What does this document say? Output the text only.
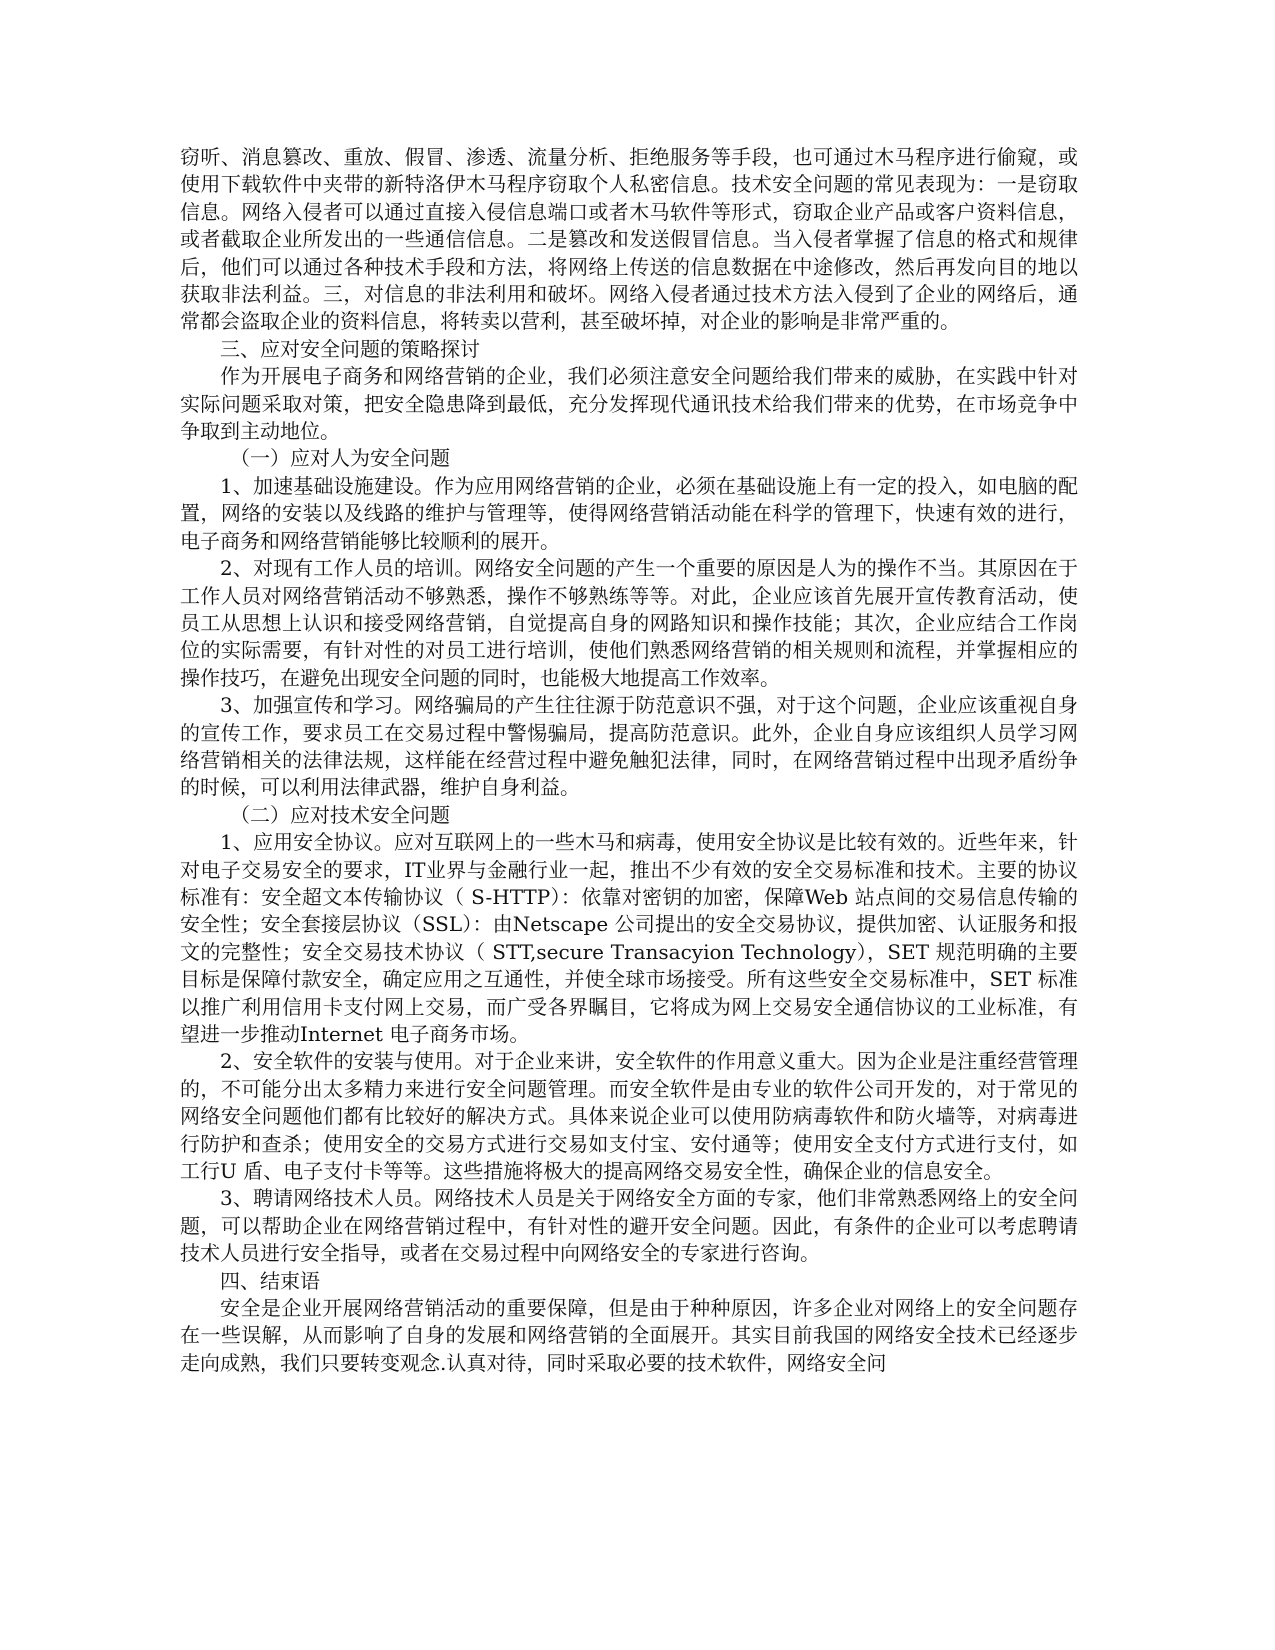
窃听、消息篡改、重放、假冒、渗透、流量分析、拒绝服务等手段，也可通过木马程序进行偷窥，或使用下载软件中夹带的新特洛伊木马程序窃取个人私密信息。技术安全问题的常见表现为：一是窃取信息。网络入侵者可以通过直接入侵信息端口或者木马软件等形式，窃取企业产品或客户资料信息，或者截取企业所发出的一些通信信息。二是篡改和发送假冒信息。当入侵者掌握了信息的格式和规律后，他们可以通过各种技术手段和方法，将网络上传送的信息数据在中途修改，然后再发向目的地以获取非法利益。三，对信息的非法利用和破坏。网络入侵者通过技术方法入侵到了企业的网络后，通常都会盗取企业的资料信息，将转卖以营利，甚至破坏掉，对企业的影响是非常严重的。

三、应对安全问题的策略探讨

作为开展电子商务和网络营销的企业，我们必须注意安全问题给我们带来的威胁，在实践中针对实际问题采取对策，把安全隐患降到最低，充分发挥现代通讯技术给我们带来的优势，在市场竞争中争取到主动地位。

（一）应对人为安全问题

1、加速基础设施建设。作为应用网络营销的企业，必须在基础设施上有一定的投入，如电脑的配置，网络的安装以及线路的维护与管理等，使得网络营销活动能在科学的管理下，快速有效的进行，电子商务和网络营销能够比较顺利的展开。

2、对现有工作人员的培训。网络安全问题的产生一个重要的原因是人为的操作不当。其原因在于工作人员对网络营销活动不够熟悉，操作不够熟练等等。对此，企业应该首先展开宣传教育活动，使员工从思想上认识和接受网络营销，自觉提高自身的网路知识和操作技能；其次，企业应结合工作岗位的实际需要，有针对性的对员工进行培训，使他们熟悉网络营销的相关规则和流程，并掌握相应的操作技巧，在避免出现安全问题的同时，也能极大地提高工作效率。

3、加强宣传和学习。网络骗局的产生往往源于防范意识不强，对于这个问题，企业应该重视自身的宣传工作，要求员工在交易过程中警惕骗局，提高防范意识。此外，企业自身应该组织人员学习网络营销相关的法律法规，这样能在经营过程中避免触犯法律，同时，在网络营销过程中出现矛盾纷争的时候，可以利用法律武器，维护自身利益。

（二）应对技术安全问题

1、应用安全协议。应对互联网上的一些木马和病毒，使用安全协议是比较有效的。近些年来，针对电子交易安全的要求，IT业界与金融行业一起，推出不少有效的安全交易标准和技术。主要的协议标准有：安全超文本传输协议（ S-HTTP）：依靠对密钥的加密，保障Web 站点间的交易信息传输的安全性；安全套接层协议（SSL）：由Netscape 公司提出的安全交易协议，提供加密、认证服务和报文的完整性；安全交易技术协议（ STT,secure Transacyion Technology），SET 规范明确的主要目标是保障付款安全，确定应用之互通性，并使全球市场接受。所有这些安全交易标准中，SET 标准以推广利用信用卡支付网上交易，而广受各界瞩目，它将成为网上交易安全通信协议的工业标准，有望进一步推动Internet 电子商务市场。

2、安全软件的安装与使用。对于企业来讲，安全软件的作用意义重大。因为企业是注重经营管理的，不可能分出太多精力来进行安全问题管理。而安全软件是由专业的软件公司开发的，对于常见的网络安全问题他们都有比较好的解决方式。具体来说企业可以使用防病毒软件和防火墙等，对病毒进行防护和查杀；使用安全的交易方式进行交易如支付宝、安付通等；使用安全支付方式进行支付，如工行U 盾、电子支付卡等等。这些措施将极大的提高网络交易安全性，确保企业的信息安全。

3、聘请网络技术人员。网络技术人员是关于网络安全方面的专家，他们非常熟悉网络上的安全问题，可以帮助企业在网络营销过程中，有针对性的避开安全问题。因此，有条件的企业可以考虑聘请技术人员进行安全指导，或者在交易过程中向网络安全的专家进行咨询。

四、结束语

安全是企业开展网络营销活动的重要保障，但是由于种种原因，许多企业对网络上的安全问题存在一些误解，从而影响了自身的发展和网络营销的全面展开。其实目前我国的网络安全技术已经逐步走向成熟，我们只要转变观念.认真对待，同时采取必要的技术软件，网络安全问
